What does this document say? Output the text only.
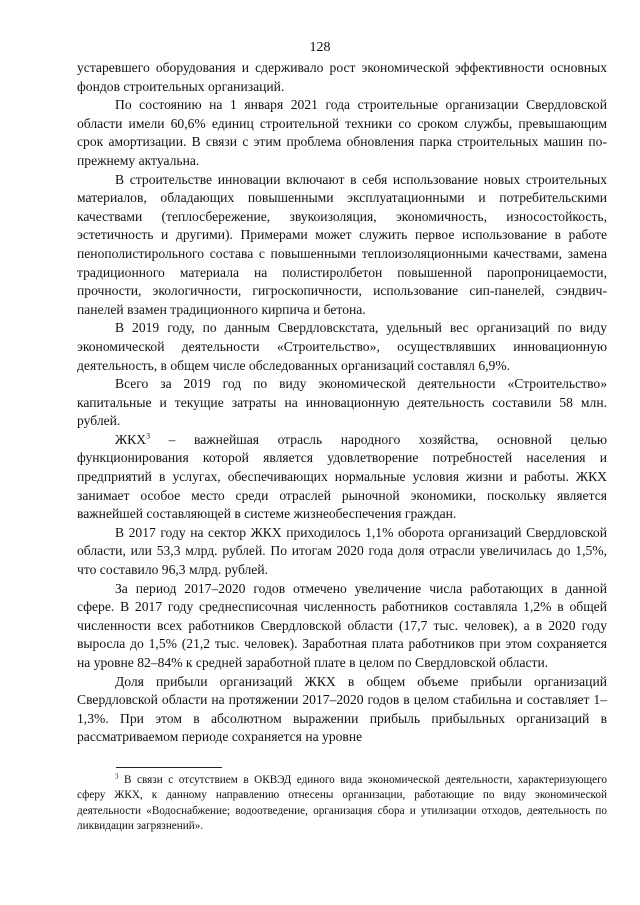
128

устаревшего оборудования и сдерживало рост экономической эффективности основных фондов строительных организаций.

По состоянию на 1 января 2021 года строительные организации Свердловской области имели 60,6% единиц строительной техники со сроком службы, превышающим срок амортизации. В связи с этим проблема обновления парка строительных машин по-прежнему актуальна.

В строительстве инновации включают в себя использование новых строительных материалов, обладающих повышенными эксплуатационными и потребительскими качествами (теплосбережение, звукоизоляция, экономичность, износостойкость, эстетичность и другими). Примерами может служить первое использование в работе пенополистирольного состава с повышенными теплоизоляционными качествами, замена традиционного материала на полистиролбетон повышенной паропроницаемости, прочности, экологичности, гигроскопичности, использование сип-панелей, сэндвич-панелей взамен традиционного кирпича и бетона.

В 2019 году, по данным Свердловскстата, удельный вес организаций по виду экономической деятельности «Строительство», осуществлявших инновационную деятельность, в общем числе обследованных организаций составлял 6,9%.

Всего за 2019 год по виду экономической деятельности «Строительство» капитальные и текущие затраты на инновационную деятельность составили 58 млн. рублей.

ЖКХ$^3$ – важнейшая отрасль народного хозяйства, основной целью функционирования которой является удовлетворение потребностей населения и предприятий в услугах, обеспечивающих нормальные условия жизни и работы. ЖКХ занимает особое место среди отраслей рыночной экономики, поскольку является важнейшей составляющей в системе жизнеобеспечения граждан.

В 2017 году на сектор ЖКХ приходилось 1,1% оборота организаций Свердловской области, или 53,3 млрд. рублей. По итогам 2020 года доля отрасли увеличилась до 1,5%, что составило 96,3 млрд. рублей.

За период 2017–2020 годов отмечено увеличение числа работающих в данной сфере. В 2017 году среднесписочная численность работников составляла 1,2% в общей численности всех работников Свердловской области (17,7 тыс. человек), а в 2020 году выросла до 1,5% (21,2 тыс. человек). Заработная плата работников при этом сохраняется на уровне 82–84% к средней заработной плате в целом по Свердловской области.

Доля прибыли организаций ЖКХ в общем объеме прибыли организаций Свердловской области на протяжении 2017–2020 годов в целом стабильна и составляет 1–1,3%. При этом в абсолютном выражении прибыль прибыльных организаций в рассматриваемом периоде сохраняется на уровне

$^3$ В связи с отсутствием в ОКВЭД единого вида экономической деятельности, характеризующего сферу ЖКХ, к данному направлению отнесены организации, работающие по виду экономической деятельности «Водоснабжение; водоотведение, организация сбора и утилизации отходов, деятельность по ликвидации загрязнений».
